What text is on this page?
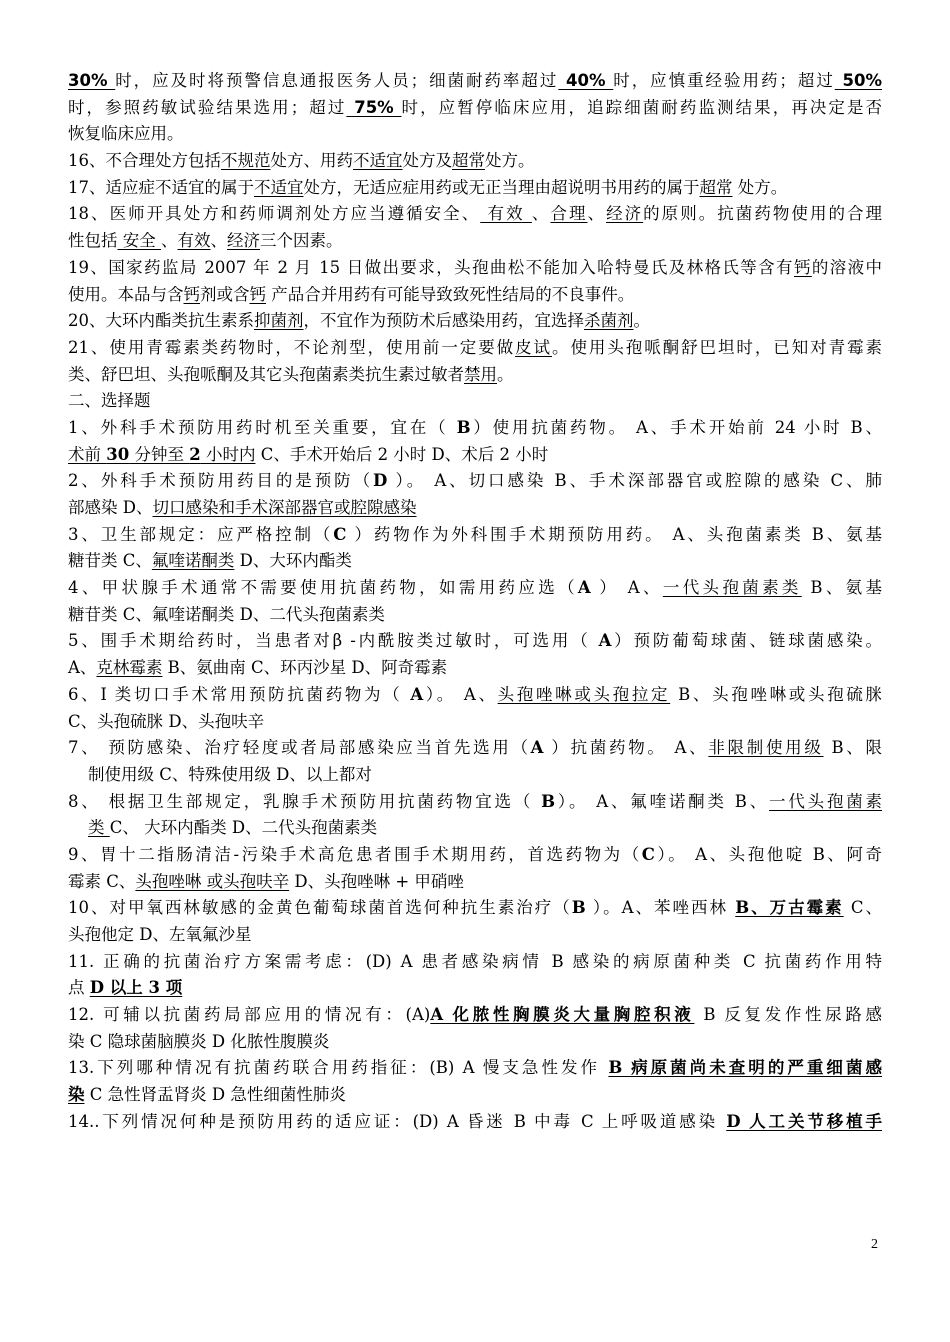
30% 时，应及时将预警信息通报医务人员；细菌耐药率超过 40% 时，应慎重经验用药；超过 50%
时，参照药敏试验结果选用；超过 75% 时，应暂停临床应用，追踪细菌耐药监测结果，再决定是否
恢复临床应用。
16、不合理处方包括不规范处方、用药不适宜处方及超常处方。
17、适应症不适宜的属于不适宜处方，无适应症用药或无正当理由超说明书用药的属于超常 处方。
18、医师开具处方和药师调剂处方应当遵循安全、 有效 、合理、经济的原则。抗菌药物使用的合理
性包括 安全 、有效、经济三个因素。
19、国家药监局 2007 年 2 月 15 日做出要求，头孢曲松不能加入哈特曼氏及林格氏等含有钙的溶液中
使用。本品与含钙剂或含钙 产品合并用药有可能导致致死性结局的不良事件。
20、大环内酯类抗生素系抑菌剂，不宜作为预防术后感染用药，宜选择杀菌剂。
21、使用青霉素类药物时，不论剂型，使用前一定要做皮试。使用头孢哌酮舒巴坦时，已知对青霉素
类、舒巴坦、头孢哌酮及其它头孢菌素类抗生素过敏者禁用。
二、选择题
1、外科手术预防用药时机至关重要，宜在（ B）使用抗菌药物。 A、手术开始前 24 小时 B、
术前 30 分钟至 2 小时内 C、手术开始后 2 小时 D、术后 2 小时
2、外科手术预防用药目的是预防（D ）。 A、切口感染 B、手术深部器官或腔隙的感染 C、肺
部感染 D、切口感染和手术深部器官或腔隙感染
3、卫生部规定：应严格控制（C ）药物作为外科围手术期预防用药。 A、头孢菌素类 B、氨基
糖苷类 C、氟喹诺酮类 D、大环内酯类
4、甲状腺手术通常不需要使用抗菌药物，如需用药应选（A ） A、一代头孢菌素类 B、氨基
糖苷类 C、氟喹诺酮类 D、二代头孢菌素类
5、围手术期给药时，当患者对β -内酰胺类过敏时，可选用（ A）预防葡萄球菌、链球菌感染。
A、克林霉素 B、氨曲南 C、环丙沙星 D、阿奇霉素
6、I 类切口手术常用预防抗菌药物为（ A）。 A、头孢唑啉或头孢拉定 B、头孢唑啉或头孢硫脒
C、头孢硫脒 D、头孢呋辛
7、 预防感染、治疗轻度或者局部感染应当首先选用（A ）抗菌药物。 A、非限制使用级 B、限
制使用级 C、特殊使用级 D、以上都对
8、 根据卫生部规定，乳腺手术预防用抗菌药物宜选（ B）。 A、氟喹诺酮类 B、一代头孢菌素
类 C、 大环内酯类 D、二代头孢菌素类
9、胃十二指肠清洁-污染手术高危患者围手术期用药，首选药物为（C）。 A、头孢他啶 B、阿奇
霉素 C、头孢唑啉 或头孢呋辛 D、头孢唑啉 + 甲硝唑
10、对甲氧西林敏感的金黄色葡萄球菌首选何种抗生素治疗（B ）。A、苯唑西林 B、万古霉素 C、
头孢他定 D、左氧氟沙星
11. 正确的抗菌治疗方案需考虑：(D) A 患者感染病情 B 感染的病原菌种类 C 抗菌药作用特
点 D 以上 3 项
12. 可辅以抗菌药局部应用的情况有：(A)A 化脓性胸膜炎大量胸腔积液 B 反复发作性尿路感
染 C 隐球菌脑膜炎 D 化脓性腹膜炎
13.下列哪种情况有抗菌药联合用药指征：(B) A 慢支急性发作 B 病原菌尚未查明的严重细菌感
染 C 急性肾盂肾炎 D 急性细菌性肺炎
14..下列情况何种是预防用药的适应证：(D) A 昏迷 B 中毒 C 上呼吸道感染 D 人工关节移植手
2
